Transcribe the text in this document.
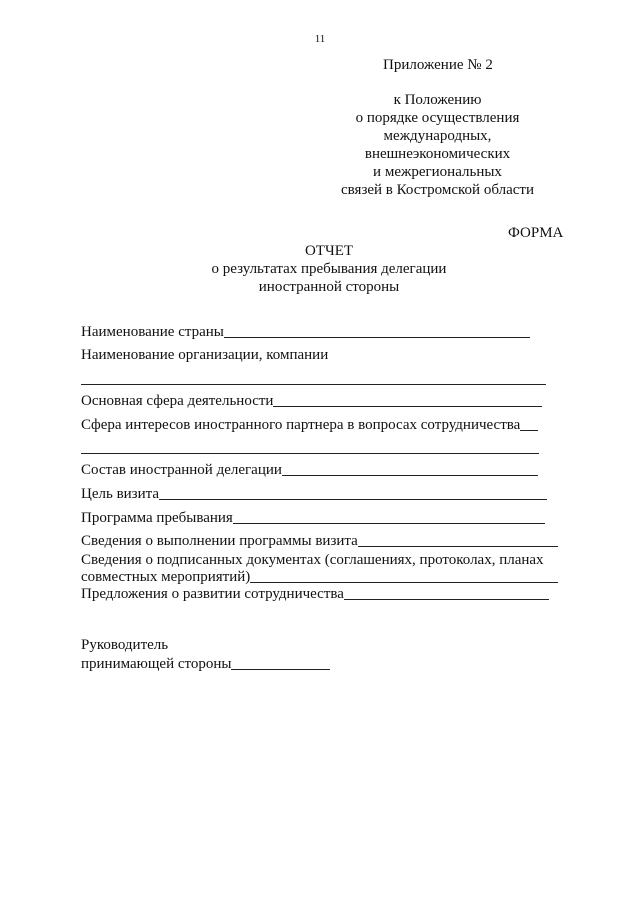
11
Приложение № 2
к Положению
о порядке осуществления
международных,
внешнеэкономических
и межрегиональных
связей в Костромской области
ФОРМА
ОТЧЕТ
о результатах пребывания делегации
иностранной стороны
Наименование страны
Наименование организации, компании
Основная сфера деятельности
Сфера интересов иностранного партнера в вопросах сотрудничества
Состав иностранной делегации
Цель визита
Программа пребывания
Сведения о выполнении программы визита
Сведения о подписанных документах (соглашениях, протоколах, планах
совместных мероприятий)
Предложения о развитии сотрудничества
Руководитель
принимающей стороны
